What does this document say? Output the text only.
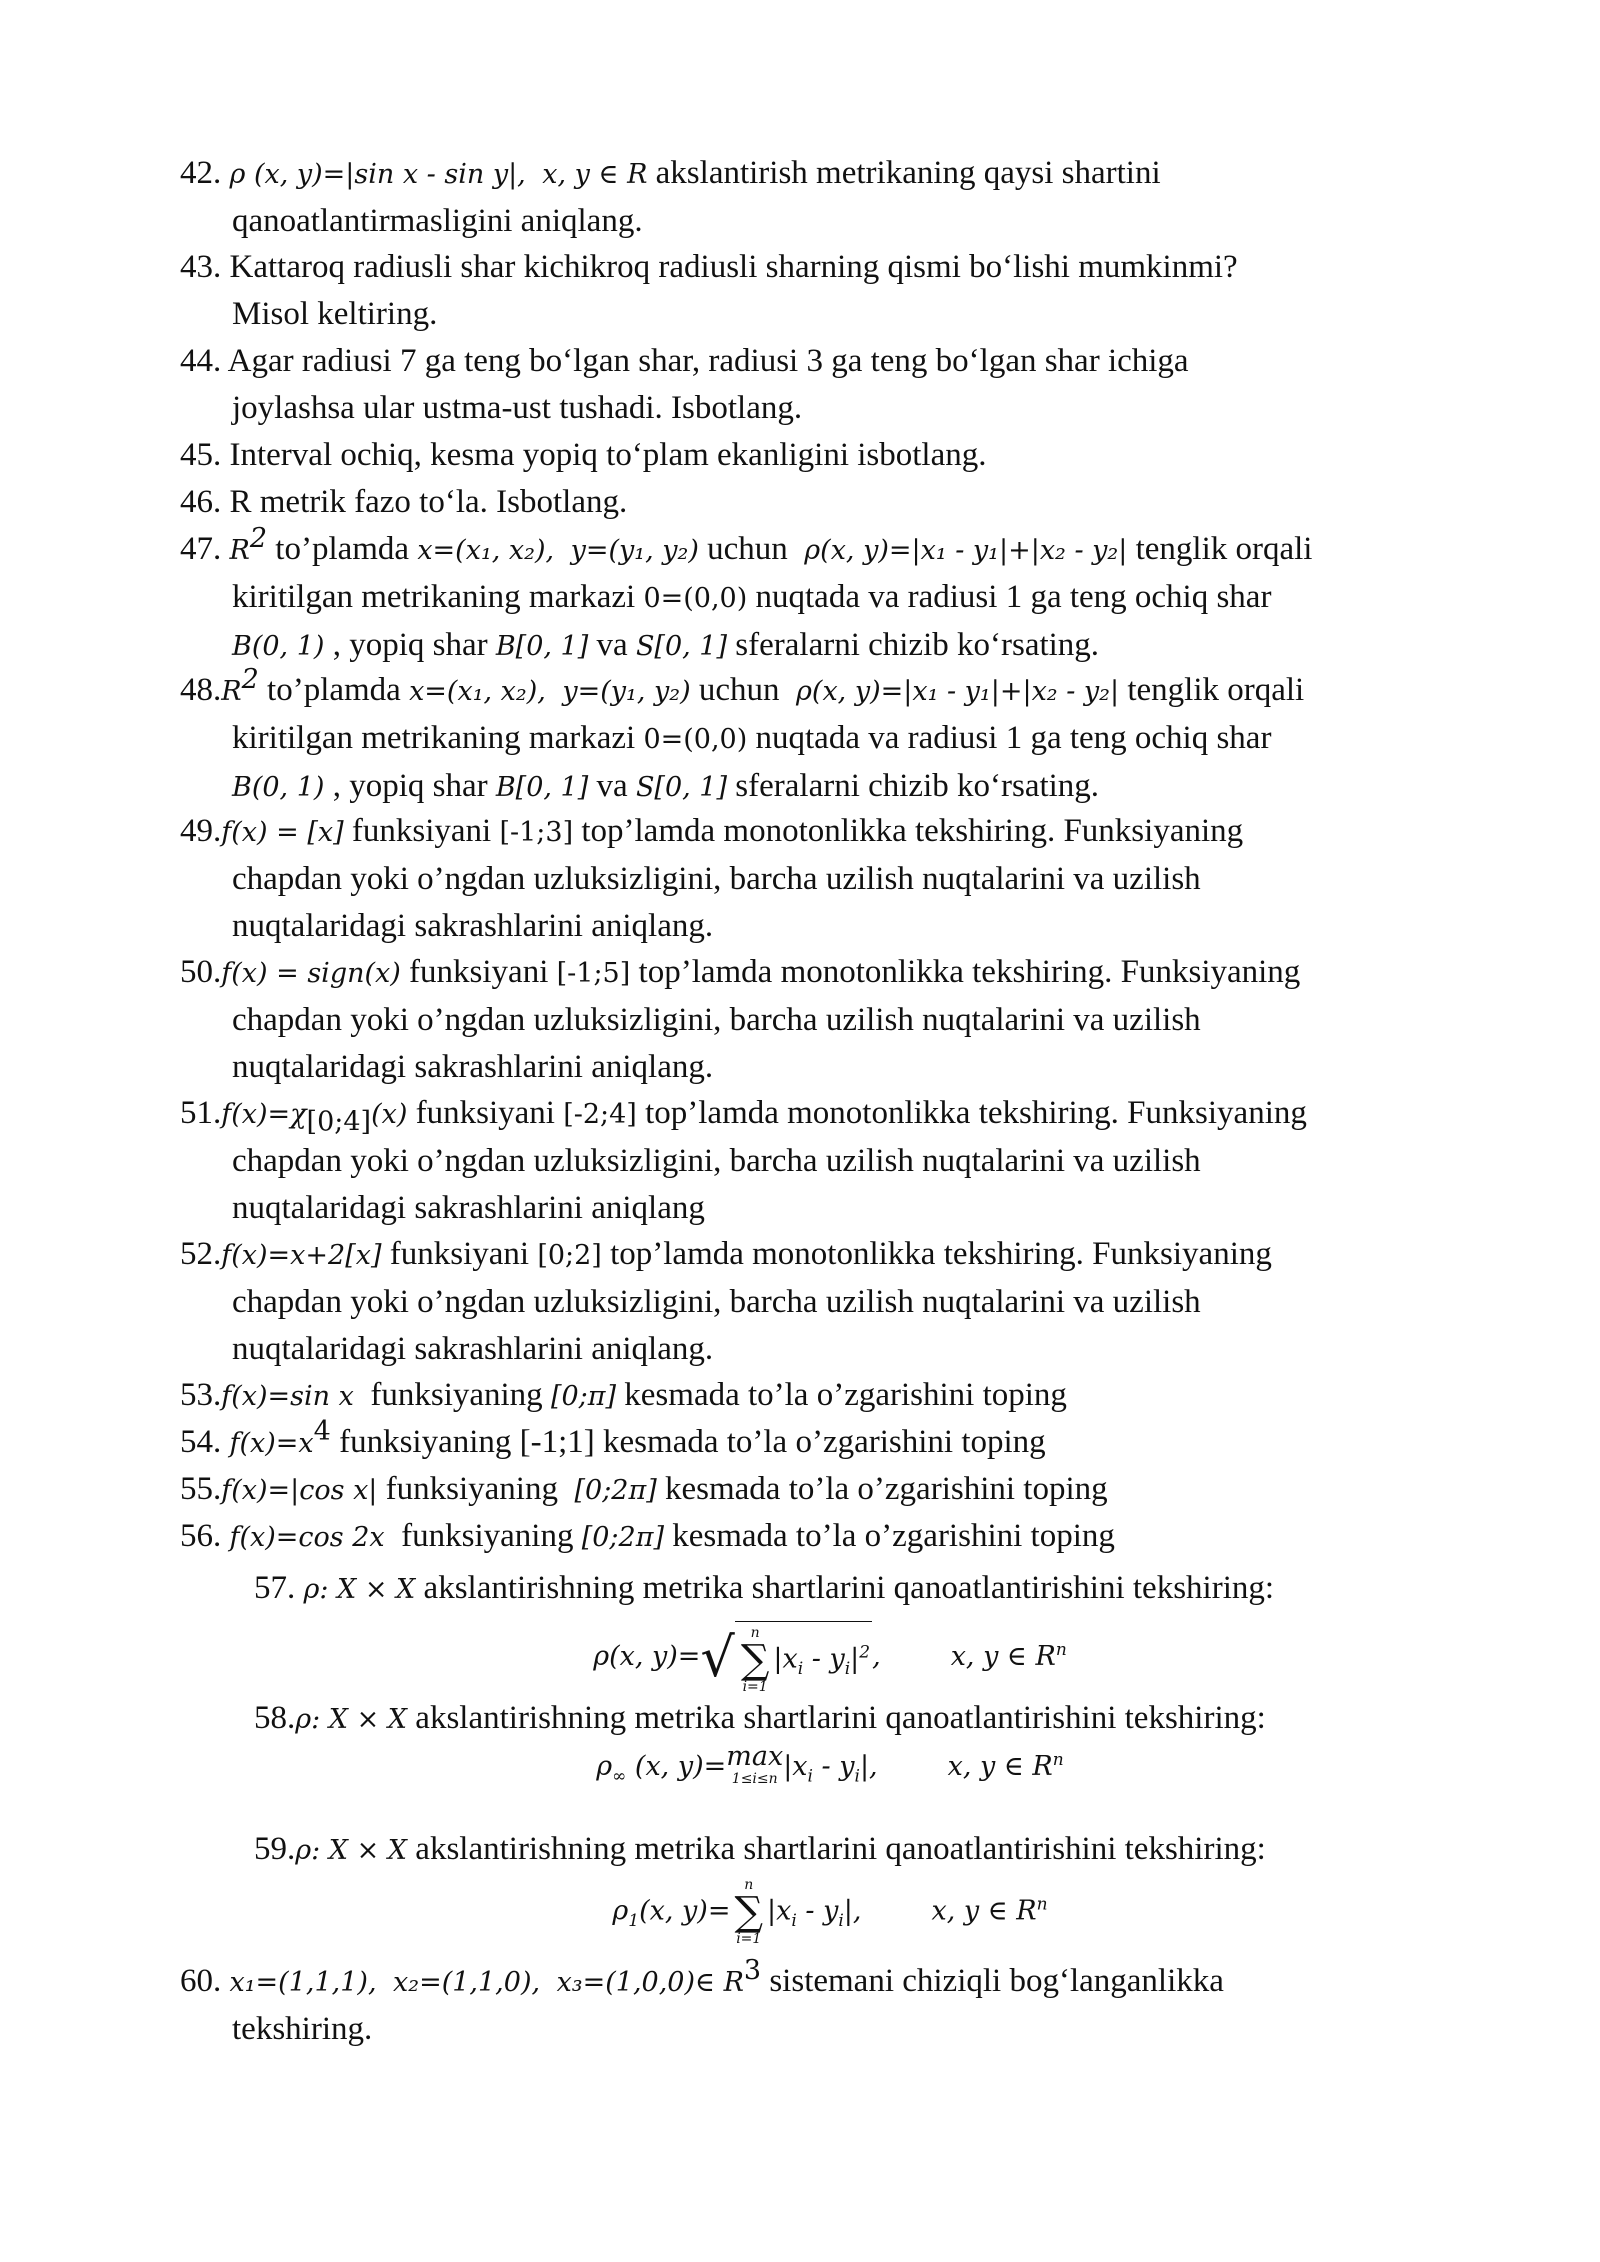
42. ρ (x, y)=|sin x - sin y|, x, y ∈ R akslantirish metrikaning qaysi shartini
qanoatlantirmasligini aniqlang.
43. Kattaroq radiusli shar kichikroq radiusli sharning qismi bo‘lishi mumkinmi?
Misol keltiring.
44. Agar radiusi 7 ga teng bo‘lgan shar, radiusi 3 ga teng bo‘lgan shar ichiga
joylashsa ular ustma-ust tushadi. Isbotlang.
45. Interval ochiq, kesma yopiq to‘plam ekanligini isbotlang.
46. R metrik fazo to‘la. Isbotlang.
47. $R^2$ to’plamda x=(x₁, x₂), y=(y₁, y₂) uchun ρ(x, y)=|x₁ - y₁|+|x₂ - y₂| tenglik orqali
kiritilgan metrikaning markazi 0=(0,0) nuqtada va radiusi 1 ga teng ochiq shar
B(0, 1) , yopiq shar B[0, 1] va S[0, 1] sferalarni chizib ko‘rsating.
$48.R^2$ to’plamda x=(x₁, x₂), y=(y₁, y₂) uchun ρ(x, y)=|x₁ - y₁|+|x₂ - y₂| tenglik orqali
kiritilgan metrikaning markazi 0=(0,0) nuqtada va radiusi 1 ga teng ochiq shar
B(0, 1) , yopiq shar B[0, 1] va S[0, 1] sferalarni chizib ko‘rsating.
49.f(x) = [x] funksiyani [-1;3] top’lamda monotonlikka tekshiring. Funksiyaning
chapdan yoki o’ngdan uzluksizligini, barcha uzilish nuqtalarini va uzilish
nuqtalaridagi sakrashlarini aniqlang.
50.f(x) = sign(x) funksiyani [-1;5] top’lamda monotonlikka tekshiring. Funksiyaning
chapdan yoki o’ngdan uzluksizligini, barcha uzilish nuqtalarini va uzilish
nuqtalaridagi sakrashlarini aniqlang.
$51.f(x)=\chi_{[0;4]}(x)$ funksiyani [-2;4] top’lamda monotonlikka tekshiring. Funksiyaning
chapdan yoki o’ngdan uzluksizligini, barcha uzilish nuqtalarini va uzilish
nuqtalaridagi sakrashlarini aniqlang
52.f(x)=x+2[x] funksiyani [0;2] top’lamda monotonlikka tekshiring. Funksiyaning
chapdan yoki o’ngdan uzluksizligini, barcha uzilish nuqtalarini va uzilish
nuqtalaridagi sakrashlarini aniqlang.
53.f(x)=sin x funksiyaning [0;π] kesmada to’la o’zgarishini toping
54. $f(x)=x^4$ funksiyaning [-1;1] kesmada to’la o’zgarishini toping
55.f(x)=|cos x| funksiyaning [0;2π] kesmada to’la o’zgarishini toping
56. f(x)=cos 2x funksiyaning [0;2π] kesmada to’la o’zgarishini toping
57. ρ: X × X akslantirishning metrika shartlarini qanoatlantirishini tekshiring:
ρ(x, y)=√	n
∑
i=1
$|x_i - y_i|^2$,	x, y ∈ $R^n$
58.ρ: X × X akslantirishning metrika shartlarini qanoatlantirishini tekshiring:
$\rho_\infty$ (x, y)=max
1≤i≤n $|x_i - y_i|$,	x, y ∈ $R^n$
59.ρ: X × X akslantirishning metrika shartlarini qanoatlantirishini tekshiring:
$\rho_1(x$, y)=
n
∑
i=1
$|x_i - y_i|$,	x, y ∈ $R^n$
60. x₁=(1,1,1), x₂=(1,1,0), x₃=(1,0,0)∈ $R^3$ sistemani chiziqli bog‘langanlikka
tekshiring.
